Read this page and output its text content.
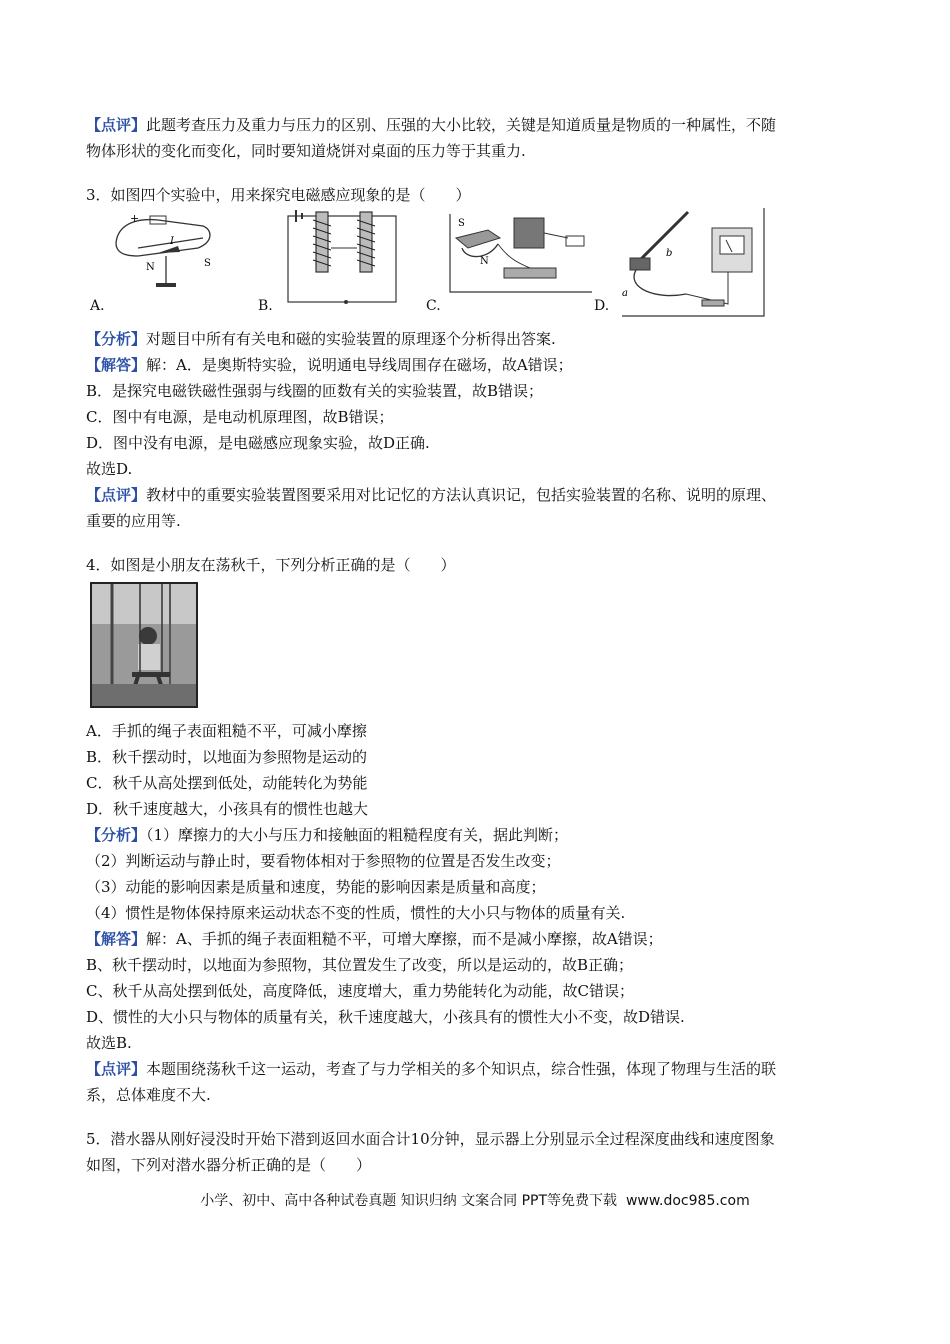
【点评】此题考查压力及重力与压力的区别、压强的大小比较，关键是知道质量是物质的一种属性，不随
物体形状的变化而变化，同时要知道烧饼对桌面的压力等于其重力.
3．如图四个实验中，用来探究电磁感应现象的是（　　）
+
I
N	S
A.	B.
S
N
C.
b
a
D.
【分析】对题目中所有有关电和磁的实验装置的原理逐个分析得出答案.
【解答】解：A．是奥斯特实验，说明通电导线周围存在磁场，故A错误；
B．是探究电磁铁磁性强弱与线圈的匝数有关的实验装置，故B错误；
C．图中有电源，是电动机原理图，故B错误；
D．图中没有电源，是电磁感应现象实验，故D正确.
故选D.
【点评】教材中的重要实验装置图要采用对比记忆的方法认真识记，包括实验装置的名称、说明的原理、
重要的应用等.
4．如图是小朋友在荡秋千，下列分析正确的是（　　）
A．手抓的绳子表面粗糙不平，可减小摩擦
B．秋千摆动时，以地面为参照物是运动的
C．秋千从高处摆到低处，动能转化为势能
D．秋千速度越大，小孩具有的惯性也越大
【分析】（1）摩擦力的大小与压力和接触面的粗糙程度有关，据此判断；
（2）判断运动与静止时，要看物体相对于参照物的位置是否发生改变；
（3）动能的影响因素是质量和速度，势能的影响因素是质量和高度；
（4）惯性是物体保持原来运动状态不变的性质，惯性的大小只与物体的质量有关.
【解答】解：A、手抓的绳子表面粗糙不平，可增大摩擦，而不是减小摩擦，故A错误；
B、秋千摆动时，以地面为参照物，其位置发生了改变，所以是运动的，故B正确；
C、秋千从高处摆到低处，高度降低，速度增大，重力势能转化为动能，故C错误；
D、惯性的大小只与物体的质量有关，秋千速度越大，小孩具有的惯性大小不变，故D错误.
故选B.
【点评】本题围绕荡秋千这一运动，考查了与力学相关的多个知识点，综合性强，体现了物理与生活的联
系，总体难度不大.
5．潜水器从刚好浸没时开始下潜到返回水面合计10分钟，显示器上分别显示全过程深度曲线和速度图象
如图，下列对潜水器分析正确的是（　　）
小学、初中、高中各种试卷真题 知识归纳 文案合同 PPT等免费下载 www.doc985.com
